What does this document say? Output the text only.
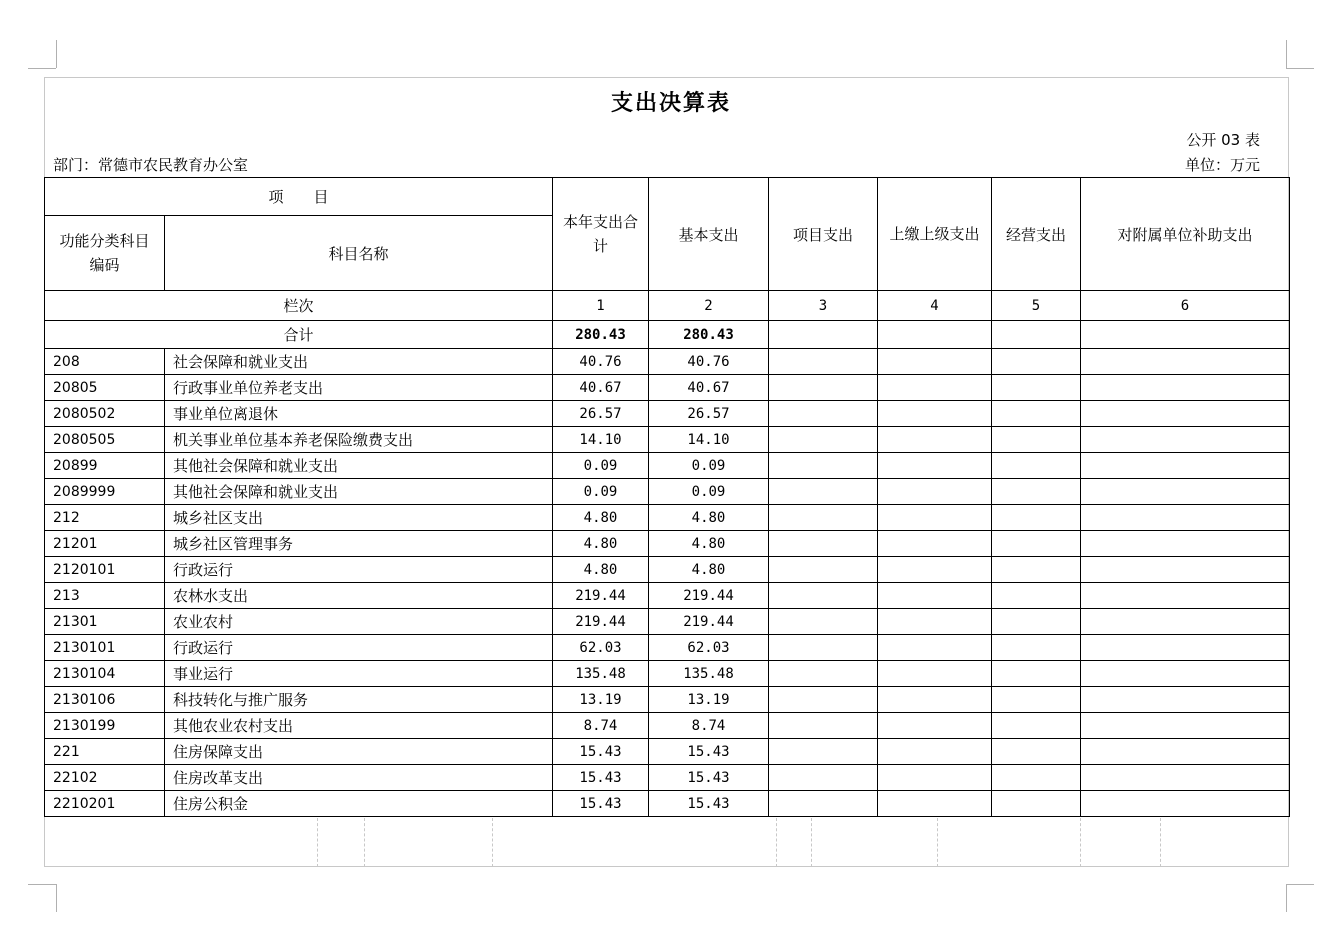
支出决算表
公开 03 表
部门：常德市农民教育办公室	单位：万元
项　　目		本年支出合计	基本支出	项目支出	上缴上级支出	经营支出	对附属单位补助支出
功能分类科目编码	科目名称						
栏次		1	2	3	4	5	6
合计		280.43	280.43				
208	社会保障和就业支出	40.76	40.76				
20805	行政事业单位养老支出	40.67	40.67				
2080502	事业单位离退休	26.57	26.57				
2080505	机关事业单位基本养老保险缴费支出	14.10	14.10				
20899	其他社会保障和就业支出	0.09	0.09				
2089999	其他社会保障和就业支出	0.09	0.09				
212	城乡社区支出	4.80	4.80				
21201	城乡社区管理事务	4.80	4.80				
2120101	行政运行	4.80	4.80				
213	农林水支出	219.44	219.44				
21301	农业农村	219.44	219.44				
2130101	行政运行	62.03	62.03				
2130104	事业运行	135.48	135.48				
2130106	科技转化与推广服务	13.19	13.19				
2130199	其他农业农村支出	8.74	8.74				
221	住房保障支出	15.43	15.43				
22102	住房改革支出	15.43	15.43				
2210201	住房公积金	15.43	15.43				
